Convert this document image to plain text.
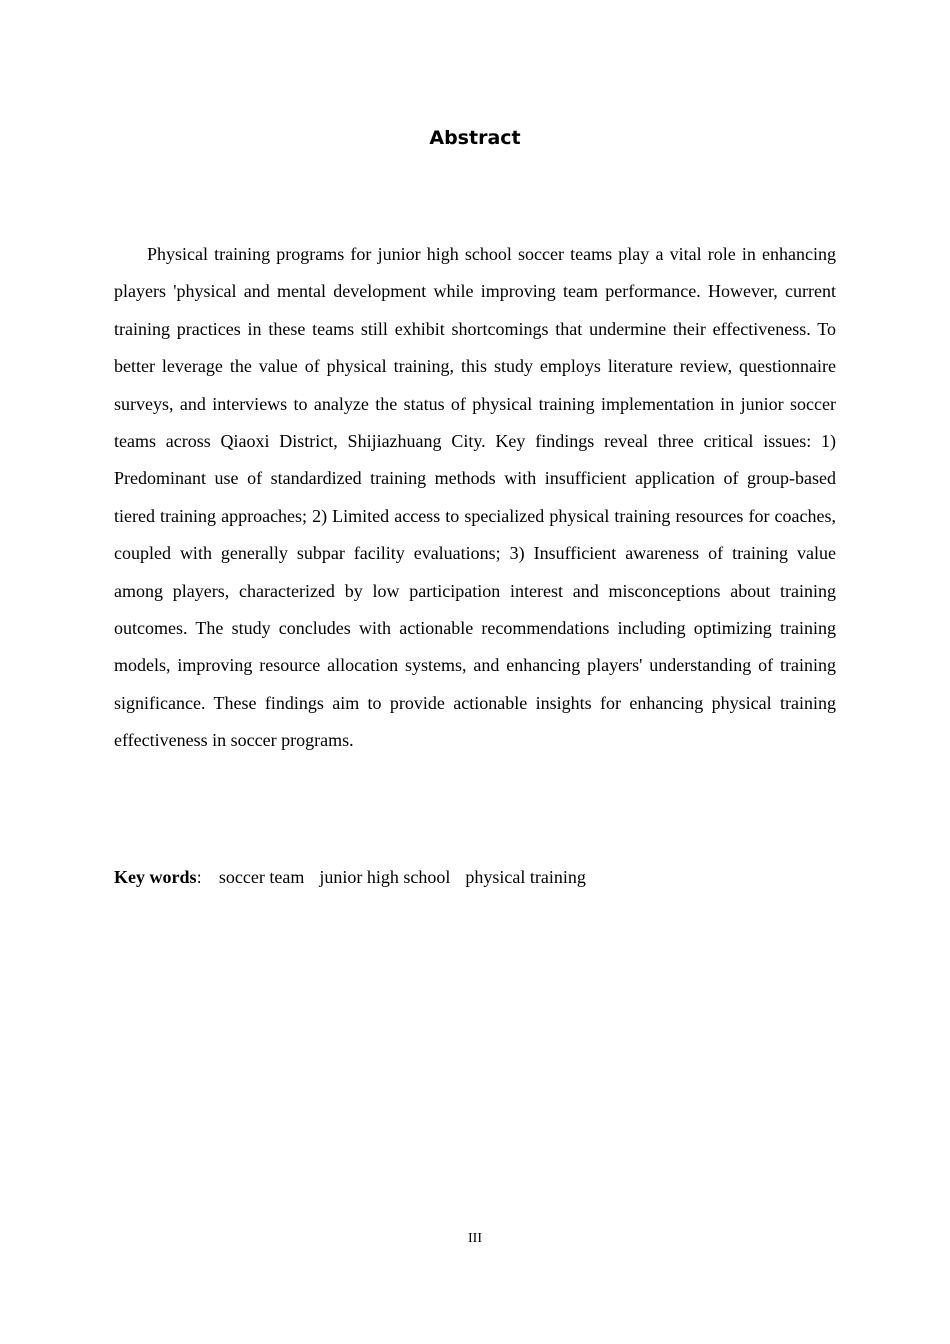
Abstract

Physical training programs for junior high school soccer teams play a vital role in enhancing players 'physical and mental development while improving team performance. However, current training practices in these teams still exhibit shortcomings that undermine their effectiveness. To better leverage the value of physical training, this study employs literature review, questionnaire surveys, and interviews to analyze the status of physical training implementation in junior soccer teams across Qiaoxi District, Shijiazhuang City. Key findings reveal three critical issues: 1) Predominant use of standardized training methods with insufficient application of group-based tiered training approaches; 2) Limited access to specialized physical training resources for coaches, coupled with generally subpar facility evaluations; 3) Insufficient awareness of training value among players, characterized by low participation interest and misconceptions about training outcomes. The study concludes with actionable recommendations including optimizing training models, improving resource allocation systems, and enhancing players' understanding of training significance. These findings aim to provide actionable insights for enhancing physical training effectiveness in soccer programs.

Key words: soccer team junior high school physical training
III
